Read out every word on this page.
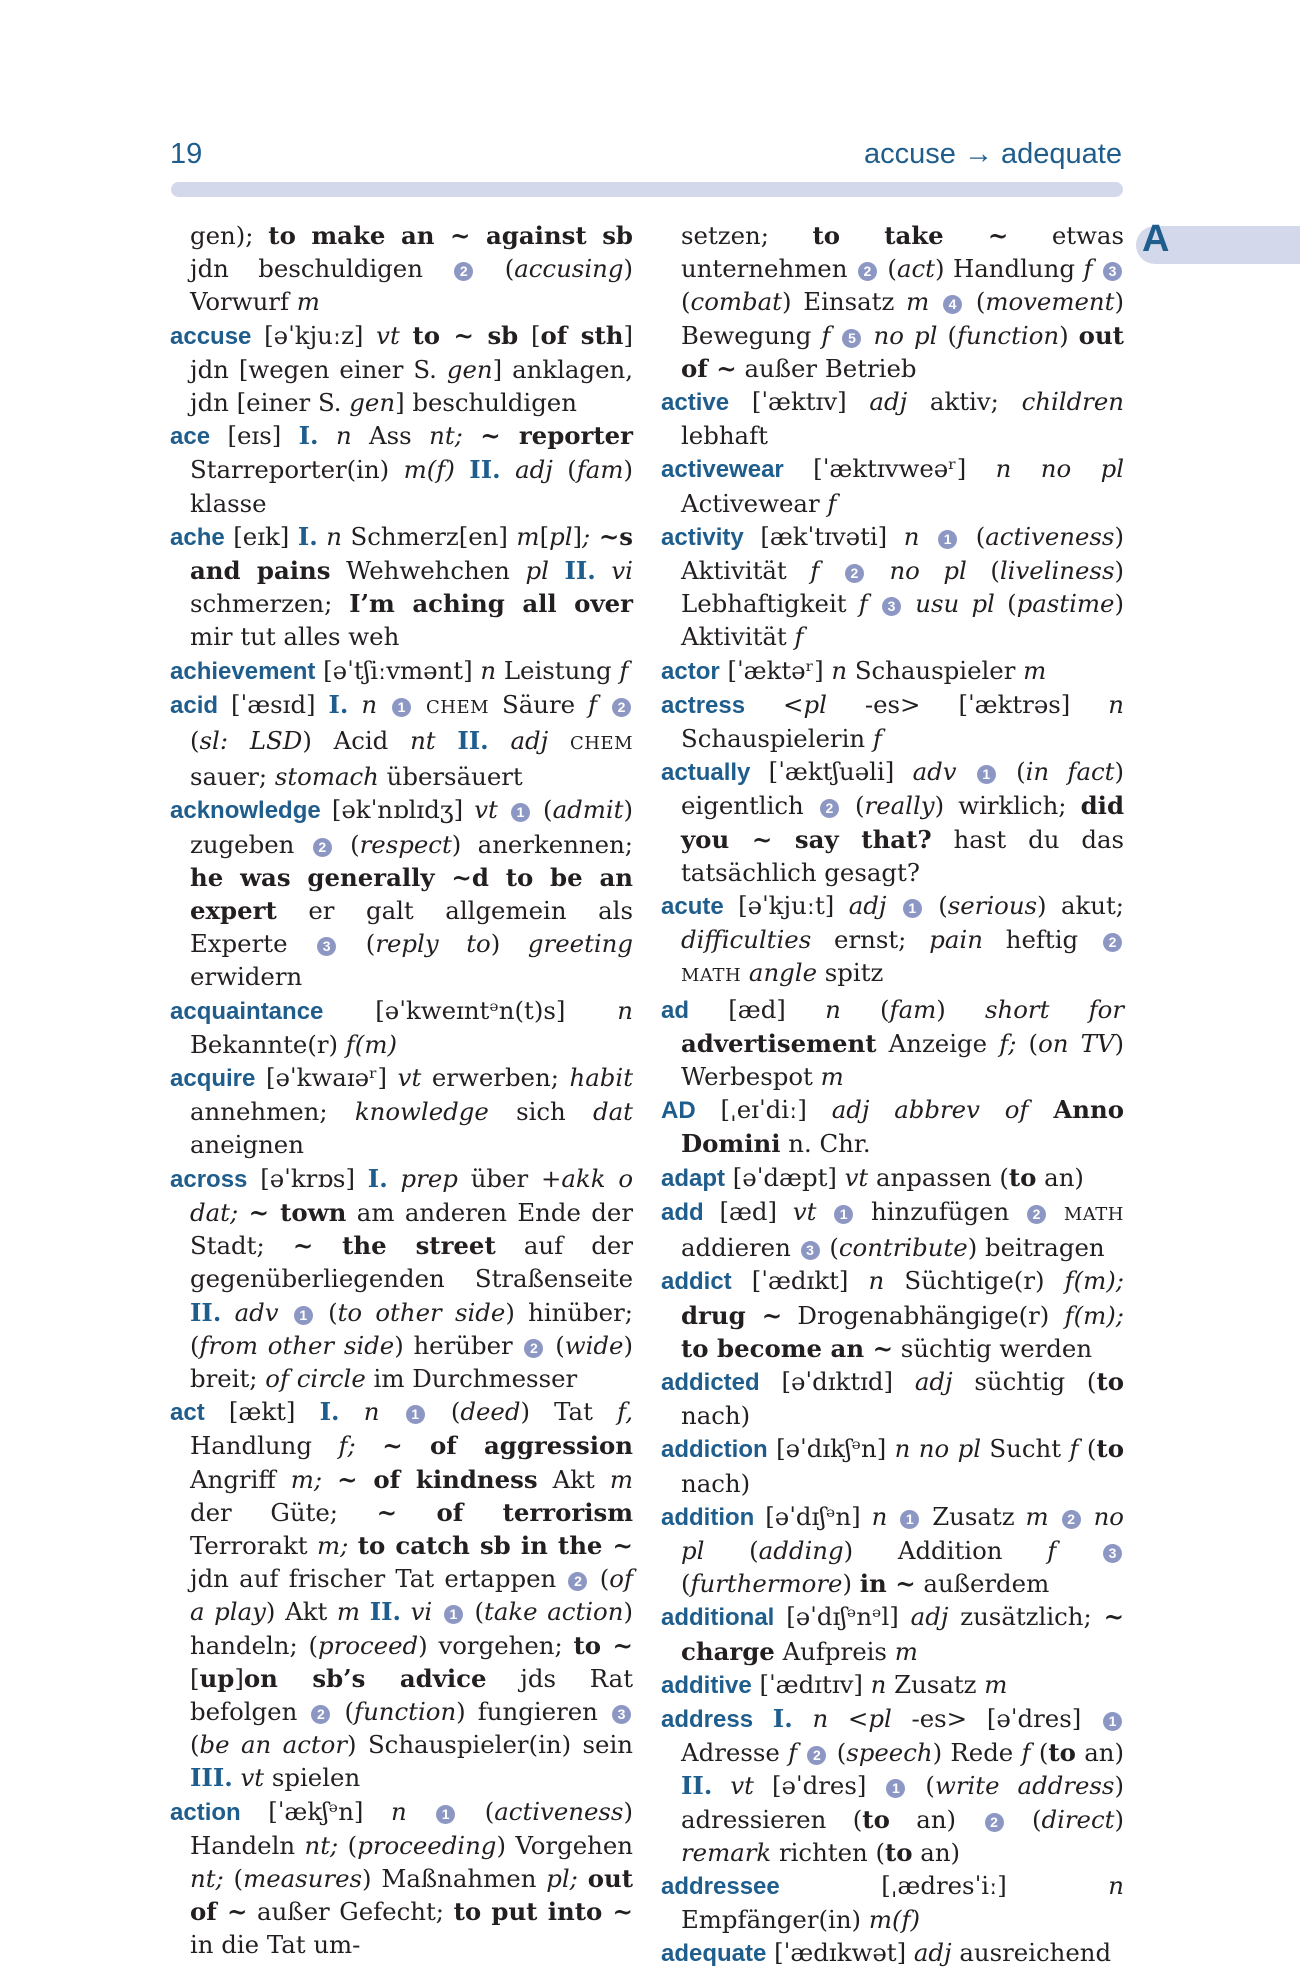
19	accuse → adequate
A
gen); to make an ~ against sb jdn beschuldigen 2 (accusing) Vorwurf m
accuse [əˈkjuːz] vt to ~ sb [of sth] jdn [wegen einer S. gen] anklagen, jdn [einer S. gen] beschuldigen
ace [eɪs] I. n Ass nt; ~ reporter Starreporter(in) m(f) II. adj (fam) klasse
ache [eɪk] I. n Schmerz[en] m[pl]; ~s and pains Wehwehchen pl II. vi schmerzen; I’m aching all over mir tut alles weh
achievement [əˈtʃiːvmənt] n Leistung f
acid [ˈæsɪd] I. n 1 CHEM Säure f 2 (sl: LSD) Acid nt II. adj CHEM sauer; stomach übersäuert
acknowledge [əkˈnɒlɪdʒ] vt 1 (admit) zugeben 2 (respect) anerkennen; he was generally ~d to be an expert er galt allgemein als Experte 3 (reply to) greeting erwidern
acquaintance [əˈkweɪntᵊn(t)s] n Bekannte(r) f(m)
acquire [əˈkwaɪəʳ] vt erwerben; habit annehmen; knowledge sich dat aneignen
across [əˈkrɒs] I. prep über +akk o dat; ~ town am anderen Ende der Stadt; ~ the street auf der gegenüberliegenden Straßenseite II. adv 1 (to other side) hinüber; (from other side) herüber 2 (wide) breit; of circle im Durchmesser
act [ækt] I. n 1 (deed) Tat f, Handlung f; ~ of aggression Angriff m; ~ of kindness Akt m der Güte; ~ of terrorism Terrorakt m; to catch sb in the ~ jdn auf frischer Tat ertappen 2 (of a play) Akt m II. vi 1 (take action) handeln; (proceed) vorgehen; to ~ [up]on sb’s advice jds Rat befolgen 2 (function) fungieren 3 (be an actor) Schauspieler(in) sein III. vt spielen
action [ˈækʃᵊn] n	1 (activeness) Handeln nt; (proceeding) Vorgehen nt; (measures) Maßnahmen pl; out of ~ außer Gefecht; to put into ~ in die Tat um-
setzen; to take ~ etwas unternehmen 2 (act) Handlung f 3 (combat) Einsatz m 4 (movement) Bewegung f 5 no pl (function) out of ~ außer Betrieb
active [ˈæktɪv] adj aktiv; children lebhaft
activewear [ˈæktɪvweəʳ] n no pl Activewear f
activity [ækˈtɪvəti] n 1 (activeness) Aktivität f 2 no pl (liveliness) Lebhaftigkeit f 3 usu pl (pastime) Aktivität f
actor [ˈæktəʳ] n Schauspieler m
actress <pl -es> [ˈæktrəs] n Schauspielerin f
actually [ˈæktʃuəli] adv 1 (in fact) eigentlich 2 (really) wirklich; did you ~ say that? hast du das tatsächlich gesagt?
acute [əˈkjuːt] adj 1 (serious) akut; difficulties ernst; pain heftig 2 MATH angle spitz
ad [æd] n (fam) short for advertisement Anzeige f; (on TV) Werbespot m
AD [ˌeɪˈdiː] adj abbrev of Anno Domini n. Chr.
adapt [əˈdæpt] vt anpassen (to an)
add [æd] vt 1 hinzufügen 2 MATH addieren 3 (contribute) beitragen
addict [ˈædɪkt] n Süchtige(r) f(m); drug ~ Drogenabhängige(r) f(m); to become an ~ süchtig werden
addicted [əˈdɪktɪd] adj süchtig (to nach)
addiction [əˈdɪkʃᵊn] n no pl Sucht f (to nach)
addition [əˈdɪʃᵊn] n 1 Zusatz m 2 no pl (adding) Addition f	3 (furthermore) in ~ außerdem
additional [əˈdɪʃᵊnᵊl] adj zusätzlich; ~ charge Aufpreis m
additive [ˈædɪtɪv] n Zusatz m
address I. n <pl -es> [əˈdres] 1 Adresse f 2 (speech) Rede f (to an) II. vt [əˈdres] 1 (write address) adressieren (to an) 2 (direct) remark richten (to an)
addressee [ˌædresˈiː] n Empfänger(in) m(f)
adequate [ˈædɪkwət] adj ausreichend
